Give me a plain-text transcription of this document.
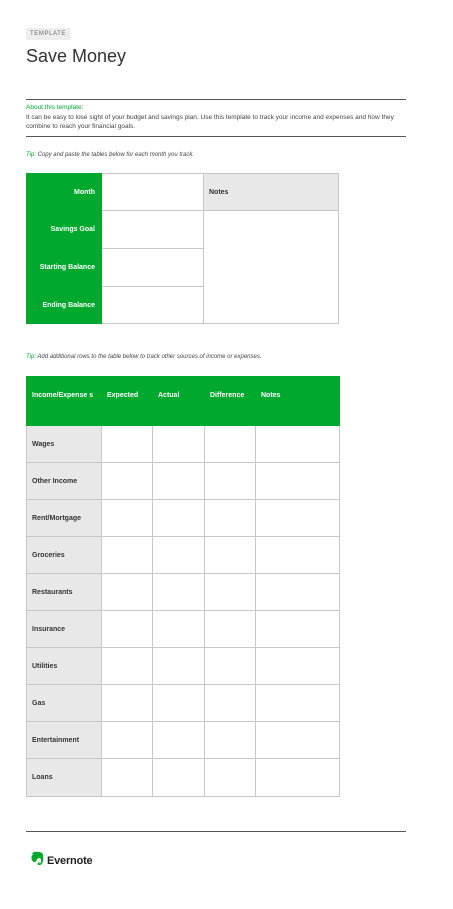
TEMPLATE
Save Money
About this template:
It can be easy to lose sight of your budget and savings plan. Use this template to track your income and expenses and how they combine to reach your financial goals.
Tip: Copy and paste the tables below for each month you track.
Month		Notes
Savings Goal		
Starting Balance		
Ending Balance		
Tip: Add additional rows to the table below to track other sources of income or expenses.
Income/Expense s	Expected	Actual	Difference	Notes
Wages				
Other Income				
Rent/Mortgage				
Groceries				
Restaurants				
Insurance				
Utilities				
Gas				
Entertainment				
Loans				
Evernote
